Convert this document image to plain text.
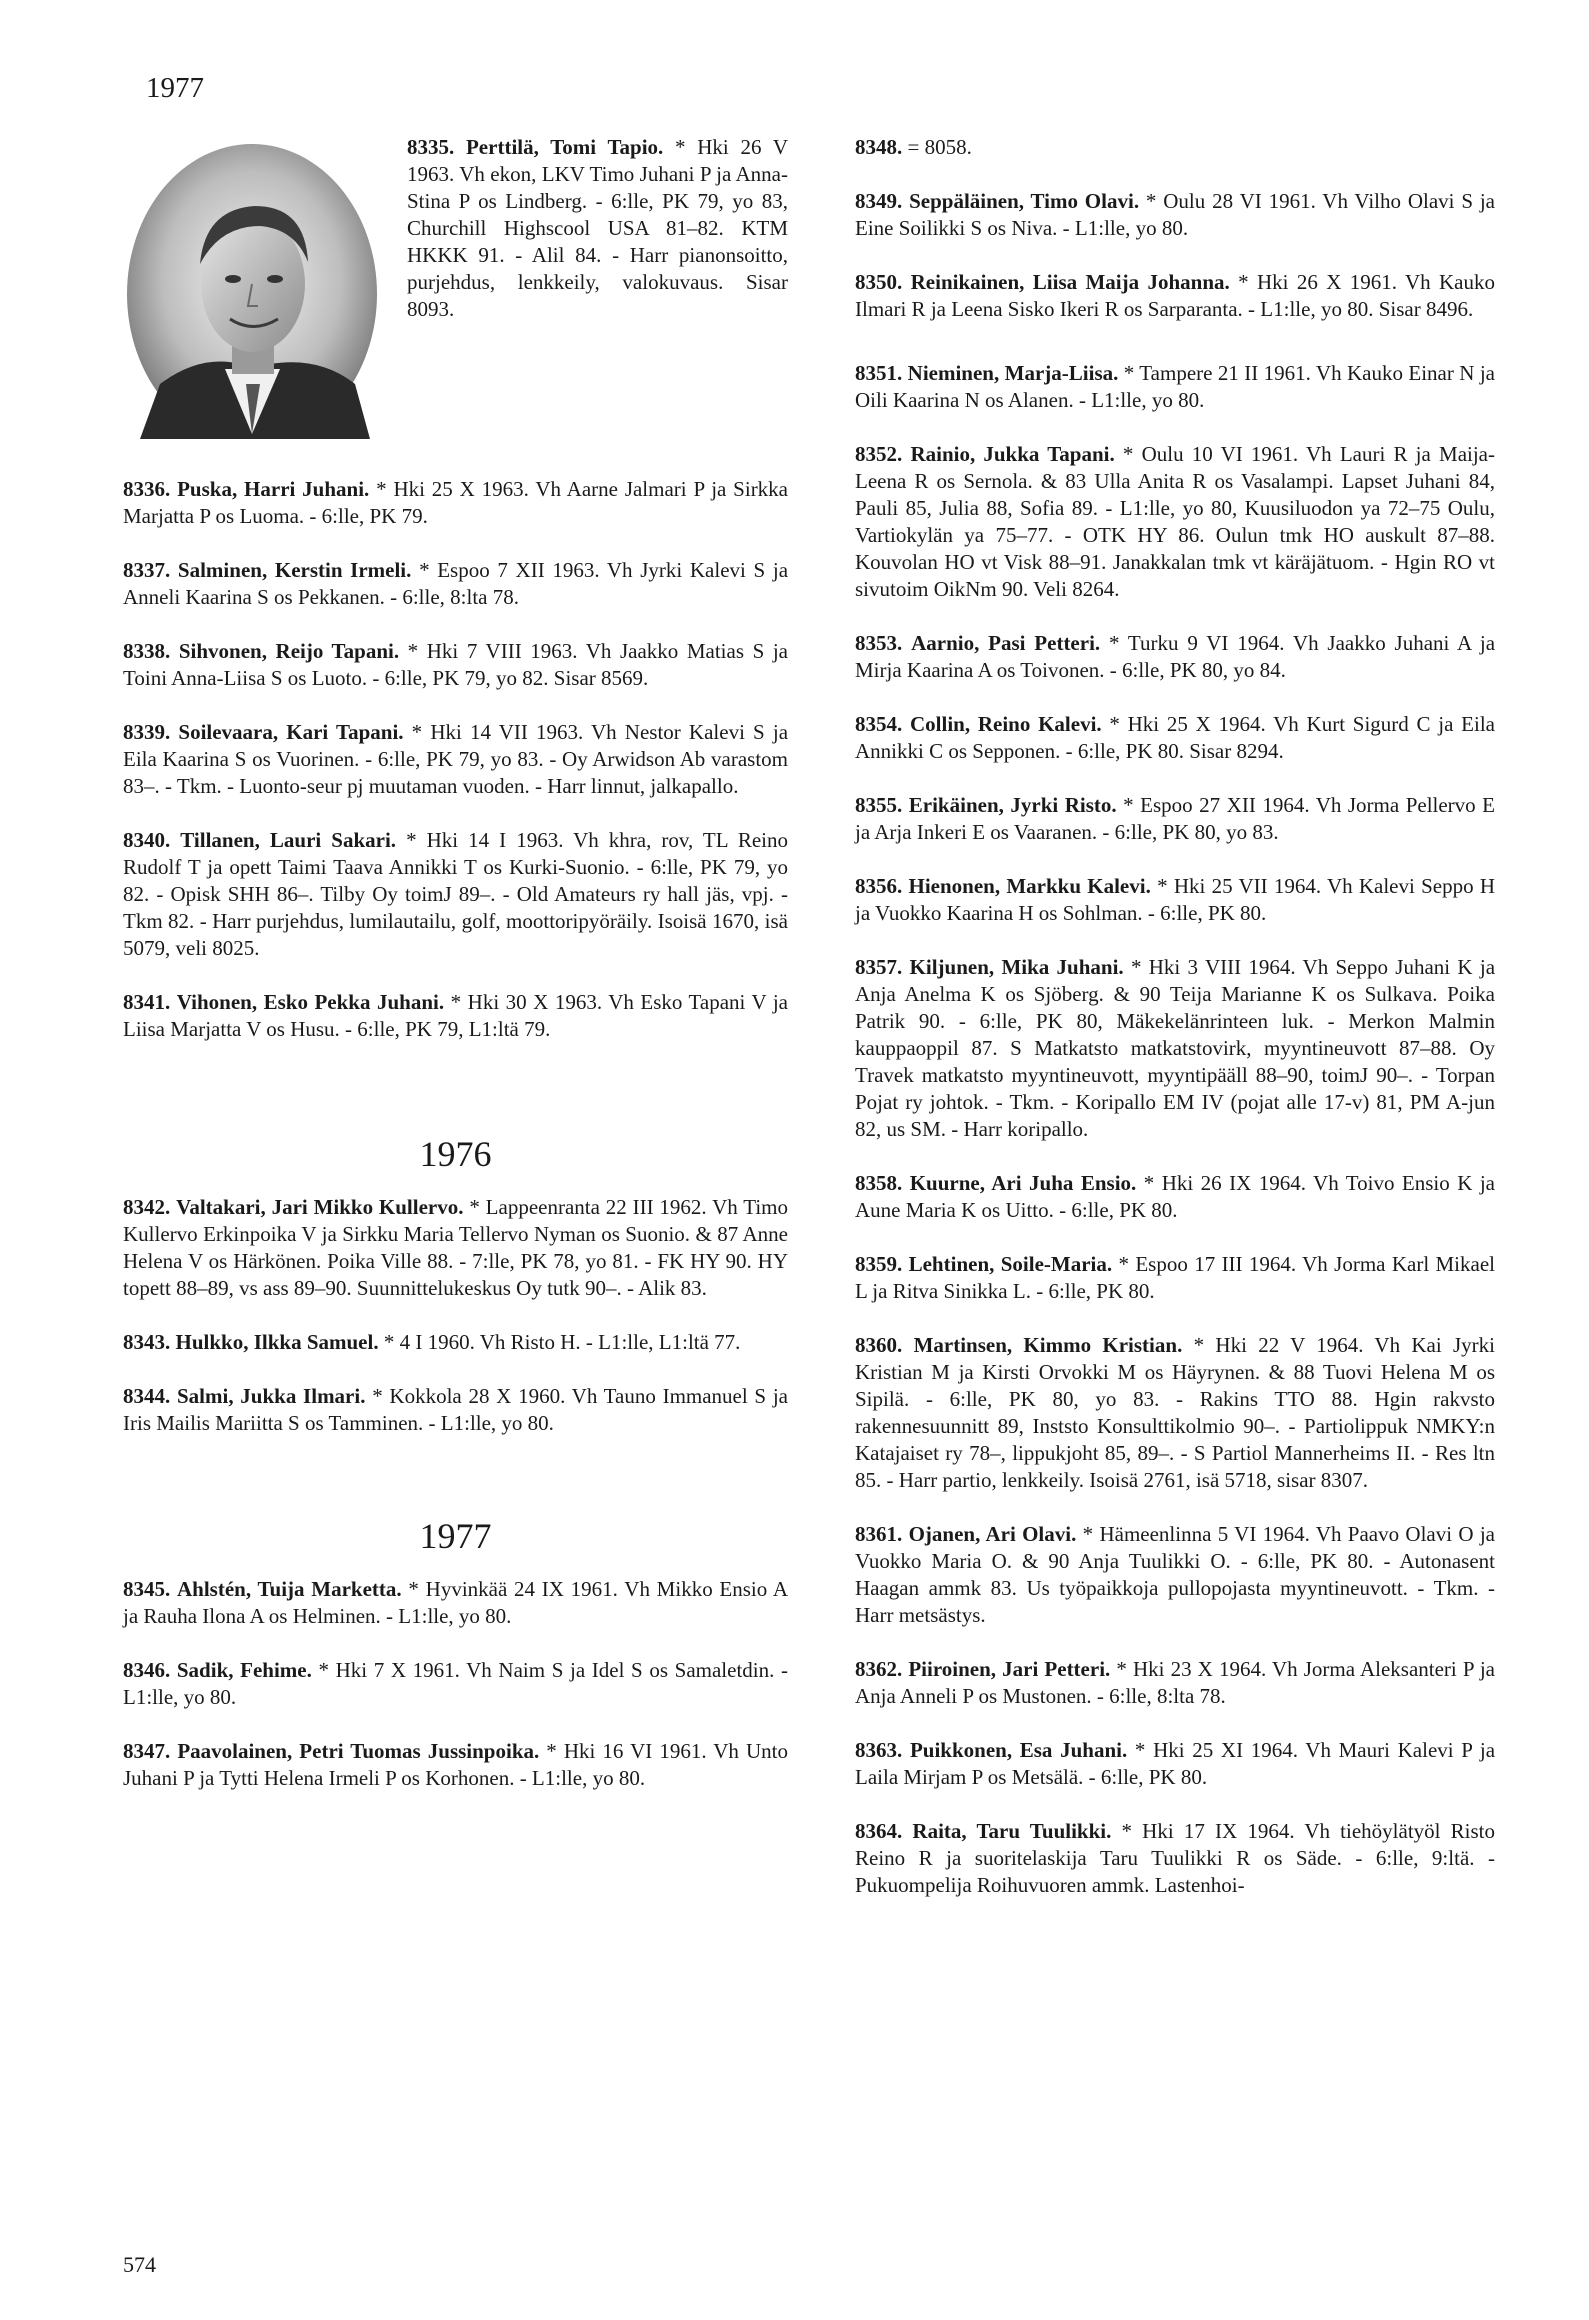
1977

8335. Perttilä, Tomi Tapio. * Hki 26 V 1963. Vh ekon, LKV Timo Juhani P ja Anna-Stina P os Lindberg. - 6:lle, PK 79, yo 83, Churchill Highscool USA 81–82. KTM HKKK 91. - Alil 84. - Harr pianonsoitto, purjehdus, lenkkeily, valokuvaus. Sisar 8093.

8336. Puska, Harri Juhani. * Hki 25 X 1963. Vh Aarne Jalmari P ja Sirkka Marjatta P os Luoma. - 6:lle, PK 79.

8337. Salminen, Kerstin Irmeli. * Espoo 7 XII 1963. Vh Jyrki Kalevi S ja Anneli Kaarina S os Pekkanen. - 6:lle, 8:lta 78.

8338. Sihvonen, Reijo Tapani. * Hki 7 VIII 1963. Vh Jaakko Matias S ja Toini Anna-Liisa S os Luoto. - 6:lle, PK 79, yo 82. Sisar 8569.

8339. Soilevaara, Kari Tapani. * Hki 14 VII 1963. Vh Nestor Kalevi S ja Eila Kaarina S os Vuorinen. - 6:lle, PK 79, yo 83. - Oy Arwidson Ab varastom 83–. - Tkm. - Luonto-seur pj muutaman vuoden. - Harr linnut, jalkapallo.

8340. Tillanen, Lauri Sakari. * Hki 14 I 1963. Vh khra, rov, TL Reino Rudolf T ja opett Taimi Taava Annikki T os Kurki-Suonio. - 6:lle, PK 79, yo 82. - Opisk SHH 86–. Tilby Oy toimJ 89–. - Old Amateurs ry hall jäs, vpj. - Tkm 82. - Harr purjehdus, lumilautailu, golf, moottoripyöräily. Isoisä 1670, isä 5079, veli 8025.

8341. Vihonen, Esko Pekka Juhani. * Hki 30 X 1963. Vh Esko Tapani V ja Liisa Marjatta V os Husu. - 6:lle, PK 79, L1:ltä 79.

1976

8342. Valtakari, Jari Mikko Kullervo. * Lappeenranta 22 III 1962. Vh Timo Kullervo Erkinpoika V ja Sirkku Maria Tellervo Nyman os Suonio. & 87 Anne Helena V os Härkönen. Poika Ville 88. - 7:lle, PK 78, yo 81. - FK HY 90. HY topett 88–89, vs ass 89–90. Suunnittelukeskus Oy tutk 90–. - Alik 83.

8343. Hulkko, Ilkka Samuel. * 4 I 1960. Vh Risto H. - L1:lle, L1:ltä 77.

8344. Salmi, Jukka Ilmari. * Kokkola 28 X 1960. Vh Tauno Immanuel S ja Iris Mailis Mariitta S os Tamminen. - L1:lle, yo 80.

1977

8345. Ahlstén, Tuija Marketta. * Hyvinkää 24 IX 1961. Vh Mikko Ensio A ja Rauha Ilona A os Helminen. - L1:lle, yo 80.

8346. Sadik, Fehime. * Hki 7 X 1961. Vh Naim S ja Idel S os Samaletdin. - L1:lle, yo 80.

8347. Paavolainen, Petri Tuomas Jussinpoika. * Hki 16 VI 1961. Vh Unto Juhani P ja Tytti Helena Irmeli P os Korhonen. - L1:lle, yo 80.

8348. = 8058.

8349. Seppäläinen, Timo Olavi. * Oulu 28 VI 1961. Vh Vilho Olavi S ja Eine Soilikki S os Niva. - L1:lle, yo 80.

8350. Reinikainen, Liisa Maija Johanna. * Hki 26 X 1961. Vh Kauko Ilmari R ja Leena Sisko Ikeri R os Sarparanta. - L1:lle, yo 80. Sisar 8496.

8351. Nieminen, Marja-Liisa. * Tampere 21 II 1961. Vh Kauko Einar N ja Oili Kaarina N os Alanen. - L1:lle, yo 80.

8352. Rainio, Jukka Tapani. * Oulu 10 VI 1961. Vh Lauri R ja Maija-Leena R os Sernola. & 83 Ulla Anita R os Vasalampi. Lapset Juhani 84, Pauli 85, Julia 88, Sofia 89. - L1:lle, yo 80, Kuusiluodon ya 72–75 Oulu, Vartiokylän ya 75–77. - OTK HY 86. Oulun tmk HO auskult 87–88. Kouvolan HO vt Visk 88–91. Janakkalan tmk vt käräjätuom. - Hgin RO vt sivutoim OikNm 90. Veli 8264.

8353. Aarnio, Pasi Petteri. * Turku 9 VI 1964. Vh Jaakko Juhani A ja Mirja Kaarina A os Toivonen. - 6:lle, PK 80, yo 84.

8354. Collin, Reino Kalevi. * Hki 25 X 1964. Vh Kurt Sigurd C ja Eila Annikki C os Sepponen. - 6:lle, PK 80. Sisar 8294.

8355. Erikäinen, Jyrki Risto. * Espoo 27 XII 1964. Vh Jorma Pellervo E ja Arja Inkeri E os Vaaranen. - 6:lle, PK 80, yo 83.

8356. Hienonen, Markku Kalevi. * Hki 25 VII 1964. Vh Kalevi Seppo H ja Vuokko Kaarina H os Sohlman. - 6:lle, PK 80.

8357. Kiljunen, Mika Juhani. * Hki 3 VIII 1964. Vh Seppo Juhani K ja Anja Anelma K os Sjöberg. & 90 Teija Marianne K os Sulkava. Poika Patrik 90. - 6:lle, PK 80, Mäkekelänrinteen luk. - Merkon Malmin kauppaoppil 87. S Matkatsto matkatstovirk, myyntineuvott 87–88. Oy Travek matkatsto myyntineuvott, myyntipääll 88–90, toimJ 90–. - Torpan Pojat ry johtok. - Tkm. - Koripallo EM IV (pojat alle 17-v) 81, PM A-jun 82, us SM. - Harr koripallo.

8358. Kuurne, Ari Juha Ensio. * Hki 26 IX 1964. Vh Toivo Ensio K ja Aune Maria K os Uitto. - 6:lle, PK 80.

8359. Lehtinen, Soile-Maria. * Espoo 17 III 1964. Vh Jorma Karl Mikael L ja Ritva Sinikka L. - 6:lle, PK 80.

8360. Martinsen, Kimmo Kristian. * Hki 22 V 1964. Vh Kai Jyrki Kristian M ja Kirsti Orvokki M os Häyrynen. & 88 Tuovi Helena M os Sipilä. - 6:lle, PK 80, yo 83. - Rakins TTO 88. Hgin rakvsto rakennesuunnitt 89, Inststo Konsulttikolmio 90–. - Partiolippuk NMKY:n Katajaiset ry 78–, lippukjoht 85, 89–. - S Partiol Mannerheims II. - Res ltn 85. - Harr partio, lenkkeily. Isoisä 2761, isä 5718, sisar 8307.

8361. Ojanen, Ari Olavi. * Hämeenlinna 5 VI 1964. Vh Paavo Olavi O ja Vuokko Maria O. & 90 Anja Tuulikki O. - 6:lle, PK 80. - Autonasent Haagan ammk 83. Us työpaikkoja pullopojasta myyntineuvott. - Tkm. - Harr metsästys.

8362. Piiroinen, Jari Petteri. * Hki 23 X 1964. Vh Jorma Aleksanteri P ja Anja Anneli P os Mustonen. - 6:lle, 8:lta 78.

8363. Puikkonen, Esa Juhani. * Hki 25 XI 1964. Vh Mauri Kalevi P ja Laila Mirjam P os Metsälä. - 6:lle, PK 80.

8364. Raita, Taru Tuulikki. * Hki 17 IX 1964. Vh tiehöylätyöl Risto Reino R ja suoritelaskija Taru Tuulikki R os Säde. - 6:lle, 9:ltä. - Pukuompelija Roihuvuoren ammk. Lastenhoi-

574
